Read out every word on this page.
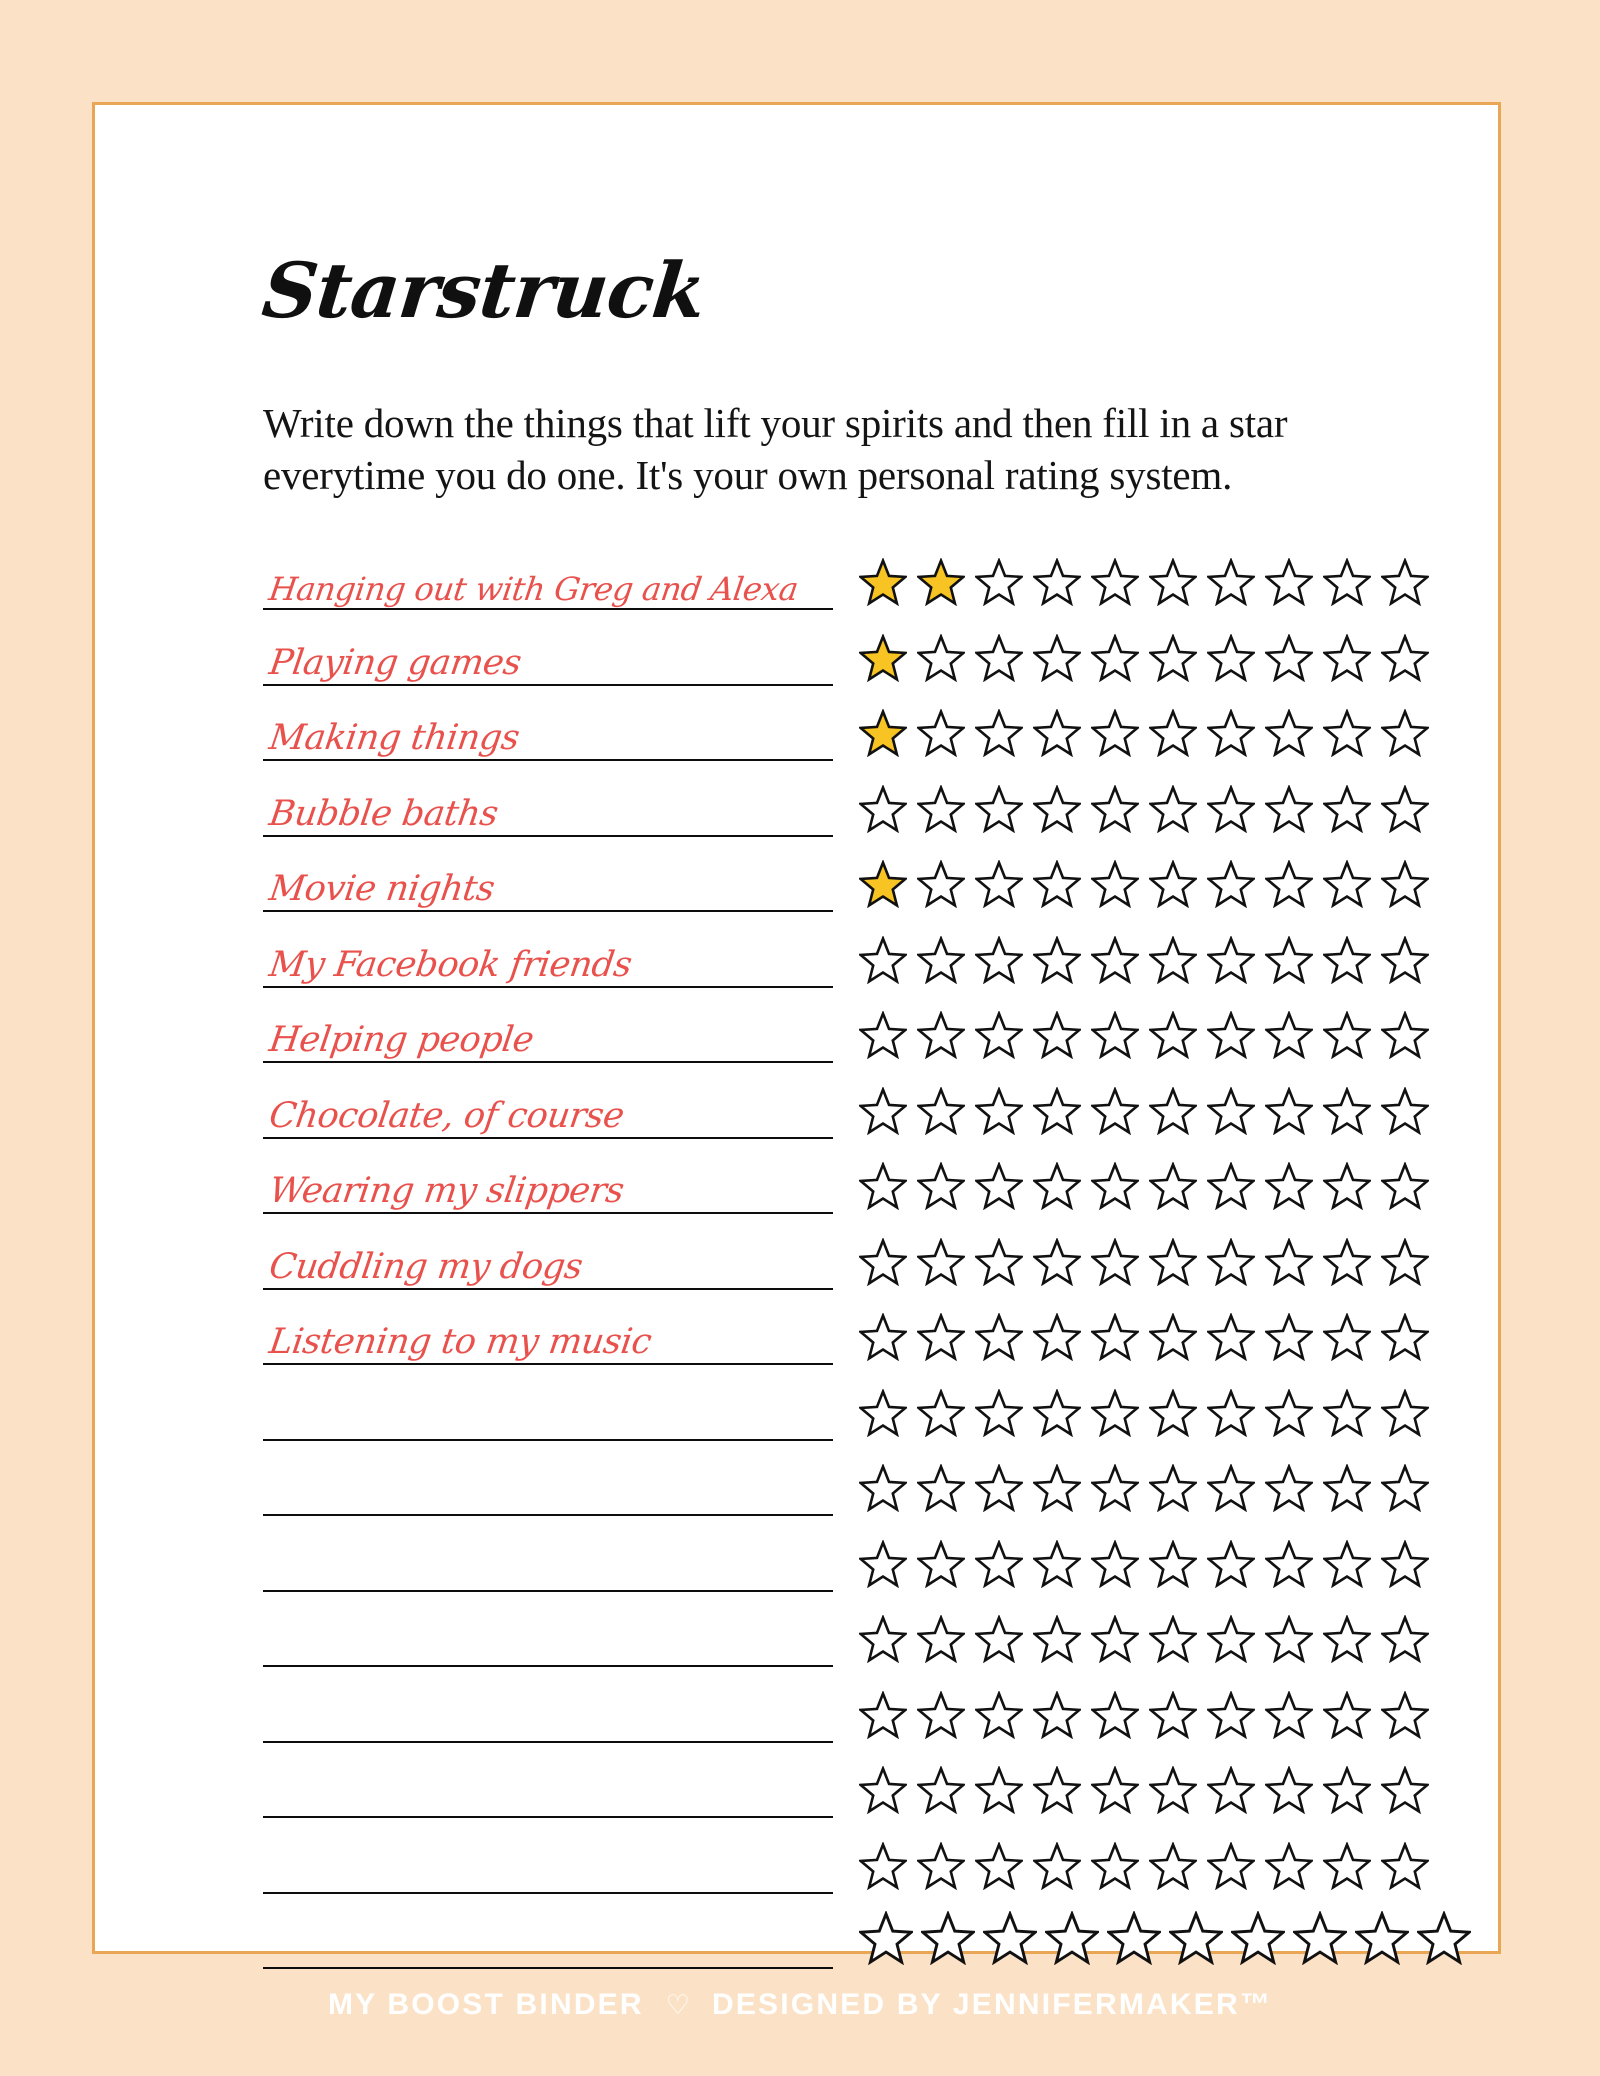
Starstruck

Write down the things that lift your spirits and then fill in a star everytime you do one. It's your own personal rating system.

Hanging out with Greg and Alexa
Playing games
Making things
Bubble baths
Movie nights
My Facebook friends
Helping people
Chocolate, of course
Wearing my slippers
Cuddling my dogs
Listening to my music
MY BOOST BINDER ♡ DESIGNED BY JENNIFERMAKER™
